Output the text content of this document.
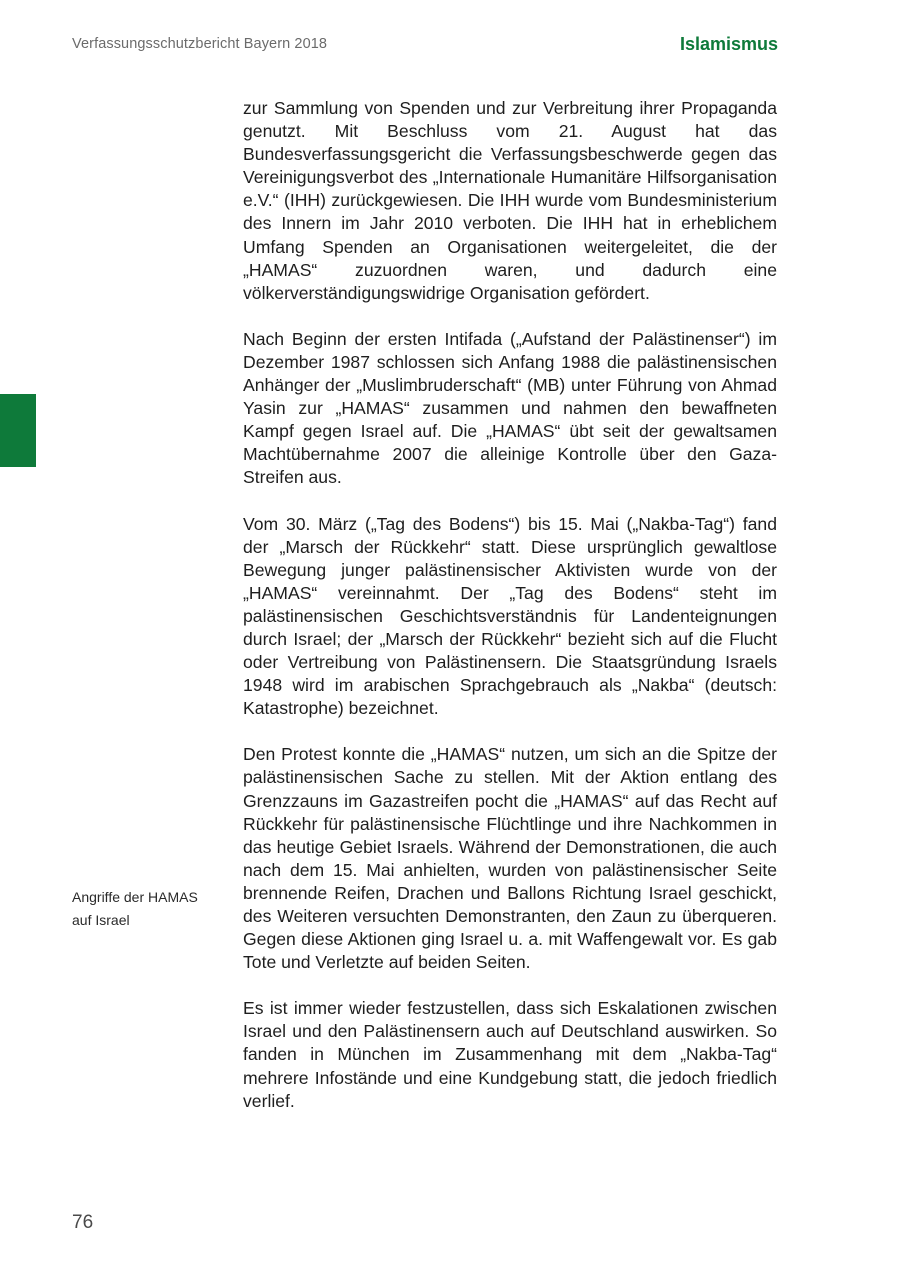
Verfassungsschutzbericht Bayern 2018	Islamismus

zur Sammlung von Spenden und zur Verbreitung ihrer Propaganda genutzt. Mit Beschluss vom 21. August hat das Bundesverfassungsgericht die Verfassungsbeschwerde gegen das Vereinigungsverbot des „Internationale Humanitäre Hilfsorganisation e.V.“ (IHH) zurückgewiesen. Die IHH wurde vom Bundesministerium des Innern im Jahr 2010 verboten. Die IHH hat in erheblichem Umfang Spenden an Organisationen weitergeleitet, die der „HAMAS“ zuzuordnen waren, und dadurch eine völkerverständigungswidrige Organisation gefördert.

Nach Beginn der ersten Intifada („Aufstand der Palästinenser“) im Dezember 1987 schlossen sich Anfang 1988 die palästinensischen Anhänger der „Muslimbruderschaft“ (MB) unter Führung von Ahmad Yasin zur „HAMAS“ zusammen und nahmen den bewaffneten Kampf gegen Israel auf. Die „HAMAS“ übt seit der gewaltsamen Machtübernahme 2007 die alleinige Kontrolle über den Gaza-Streifen aus.

Vom 30. März („Tag des Bodens“) bis 15. Mai („Nakba-Tag“) fand der „Marsch der Rückkehr“ statt. Diese ursprünglich gewaltlose Bewegung junger palästinensischer Aktivisten wurde von der „HAMAS“ vereinnahmt. Der „Tag des Bodens“ steht im palästinensischen Geschichtsverständnis für Landenteignungen durch Israel; der „Marsch der Rückkehr“ bezieht sich auf die Flucht oder Vertreibung von Palästinensern. Die Staatsgründung Israels 1948 wird im arabischen Sprachgebrauch als „Nakba“ (deutsch: Katastrophe) bezeichnet.

Den Protest konnte die „HAMAS“ nutzen, um sich an die Spitze der palästinensischen Sache zu stellen. Mit der Aktion entlang des Grenzzauns im Gazastreifen pocht die „HAMAS“ auf das Recht auf Rückkehr für palästinensische Flüchtlinge und ihre Nachkommen in das heutige Gebiet Israels. Während der Demonstrationen, die auch nach dem 15. Mai anhielten, wurden von palästinensischer Seite brennende Reifen, Drachen und Ballons Richtung Israel geschickt, des Weiteren versuchten Demonstranten, den Zaun zu überqueren. Gegen diese Aktionen ging Israel u. a. mit Waffengewalt vor. Es gab Tote und Verletzte auf beiden Seiten.

Es ist immer wieder festzustellen, dass sich Eskalationen zwischen Israel und den Palästinensern auch auf Deutschland auswirken. So fanden in München im Zusammenhang mit dem „Nakba-Tag“ mehrere Infostände und eine Kundgebung statt, die jedoch friedlich verlief.

Angriffe der HAMAS
auf Israel
76
